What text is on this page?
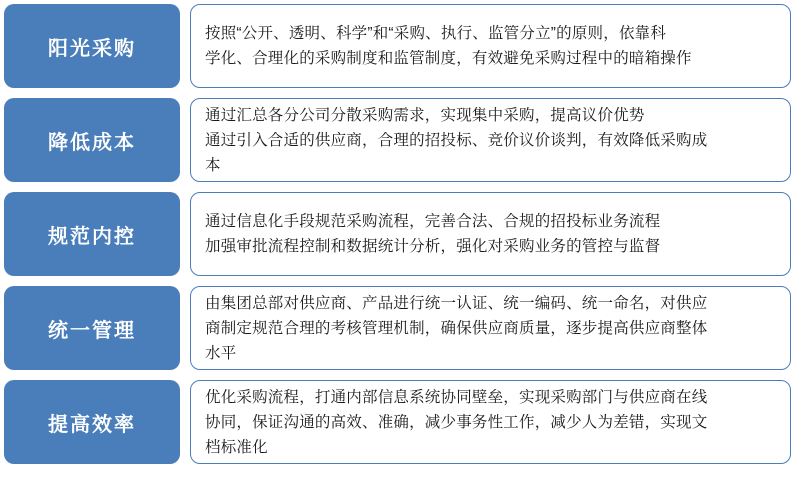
阳光采购

按照“公开、透明、科学”和“采购、执行、监管分立”的原则，依靠科

学化、合理化的采购制度和监管制度，有效避免采购过程中的暗箱操作

降低成本

通过汇总各分公司分散采购需求，实现集中采购，提高议价优势

通过引入合适的供应商，合理的招投标、竞价议价谈判，有效降低采购成

本

规范内控

通过信息化手段规范采购流程，完善合法、合规的招投标业务流程

加强审批流程控制和数据统计分析，强化对采购业务的管控与监督

统一管理

由集团总部对供应商、产品进行统一认证、统一编码、统一命名，对供应

商制定规范合理的考核管理机制，确保供应商质量，逐步提高供应商整体

水平

提高效率

优化采购流程，打通内部信息系统协同壁垒，实现采购部门与供应商在线

协同，保证沟通的高效、准确，减少事务性工作，减少人为差错，实现文

档标准化
